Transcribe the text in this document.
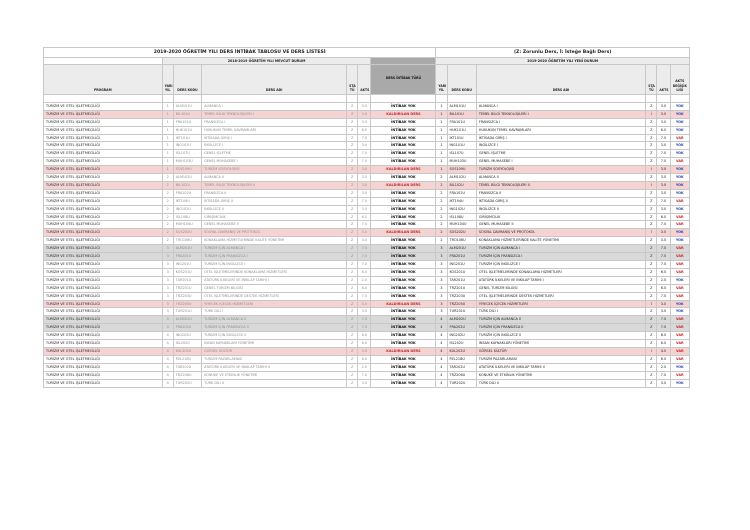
2019-2020 ÖĞRETİM YILI DERS İNTİBAK TABLOSU VE DERS LİSTESİ							(Z: Zorunlu Ders, İ: İsteğe Bağlı Ders)					
	2018-2019 ÖĞRETİM YILI MEVCUT DURUM						2019-2020 ÖĞRETİM YILI YENİ DURUM					
PROGRAM	YARI YIL	DERS KODU	DERS ADI	STA TÜ	AKTS	DERS İNTİBAK TÜRÜ	YARI YIL	DERS KODU	DERS ADI	STA TÜ	AKTS	AKTS DEĞİŞİK LİĞİ

TURİZM VE OTEL İŞLETMECİLİĞİ	1	ALM101U	ALMANCA I	Z	3.0	İNTİBAK YOK	1	ALM101U	ALMANCA I	Z	3.0	YOK
TURİZM VE OTEL İŞLETMECİLİĞİ	1	BIL101U	TEMEL BİLGİ TEKNOLOJİLERİ I	Z	3.0	KALDIRILAN DERS	1	BIL101U	TEMEL BİLGİ TEKNOLOJİLERİ I	İ	3.0	YOK
TURİZM VE OTEL İŞLETMECİLİĞİ	1	FRA101U	FRANSIZCA I	Z	3.0	İNTİBAK YOK	1	FRA101U	FRANSIZCA I	Z	3.0	YOK
TURİZM VE OTEL İŞLETMECİLİĞİ	1	HUK101U	HUKUKUN TEMEL KAVRAMLARI	Z	6.0	İNTİBAK YOK	1	HUK101U	HUKUKUN TEMEL KAVRAMLARI	Z	6.0	YOK
TURİZM VE OTEL İŞLETMECİLİĞİ	1	IKT101U	İKTİSADA GİRİŞ I	Z	7.0	İNTİBAK YOK	1	IKT101U	İKTİSADA GİRİŞ I	Z	7.0	VAR
TURİZM VE OTEL İŞLETMECİLİĞİ	1	ING101U	İNGİLİZCE I	Z	3.0	İNTİBAK YOK	1	ING101U	İNGİLİZCE I	Z	3.0	YOK
TURİZM VE OTEL İŞLETMECİLİĞİ	1	ISL107U	GENEL İŞLETME	Z	7.0	İNTİBAK YOK	1	ISL107U	GENEL İŞLETME	Z	7.0	YOK
TURİZM VE OTEL İŞLETMECİLİĞİ	1	MUH103U	GENEL MUHASEBE I	Z	7.0	İNTİBAK YOK	1	MUH103U	GENEL MUHASEBE I	Z	7.0	VAR
TURİZM VE OTEL İŞLETMECİLİĞİ	1	SOS109U	TURİZM SOSYOLOJİSİ	Z	3.0	KALDIRILAN DERS	1	SOS109U	TURİZM SOSYOLOJİSİ	İ	3.0	YOK
TURİZM VE OTEL İŞLETMECİLİĞİ	2	ALM102U	ALMANCA II	Z	3.0	İNTİBAK YOK	2	ALM102U	ALMANCA II	Z	3.0	YOK
TURİZM VE OTEL İŞLETMECİLİĞİ	2	BIL102U	TEMEL BİLGİ TEKNOLOJİLERİ II	Z	3.0	KALDIRILAN DERS	2	BIL102U	TEMEL BİLGİ TEKNOLOJİLERİ II	İ	3.0	YOK
TURİZM VE OTEL İŞLETMECİLİĞİ	2	FRA102U	FRANSIZCA II	Z	3.0	İNTİBAK YOK	2	FRA102U	FRANSIZCA II	Z	3.0	YOK
TURİZM VE OTEL İŞLETMECİLİĞİ	2	IKT104U	İKTİSADA GİRİŞ II	Z	7.0	İNTİBAK YOK	2	IKT104U	İKTİSADA GİRİŞ II	Z	7.0	VAR
TURİZM VE OTEL İŞLETMECİLİĞİ	2	ING102U	İNGİLİZCE II	Z	3.0	İNTİBAK YOK	2	ING102U	İNGİLİZCE II	Z	3.0	YOK
TURİZM VE OTEL İŞLETMECİLİĞİ	2	ISL108U	GİRİŞİMCİLİK	Z	6.0	İNTİBAK YOK	2	ISL108U	GİRİŞİMCİLİK	Z	6.0	VAR
TURİZM VE OTEL İŞLETMECİLİĞİ	2	MUH104U	GENEL MUHASEBE II	Z	7.0	İNTİBAK YOK	2	MUH104U	GENEL MUHASEBE II	Z	7.0	VAR
TURİZM VE OTEL İŞLETMECİLİĞİ	2	SOS202U	SOSYAL DAVRANIŞ VE PROTOKOL	Z	3.0	KALDIRILAN DERS	2	SOS202U	SOSYAL DAVRANIŞ VE PROTOKOL	İ	3.0	YOK
TURİZM VE OTEL İŞLETMECİLİĞİ	2	TRO106U	KONAKLAMA HİZMETLERİNDE KALİTE YÖNETİMİ	Z	3.0	İNTİBAK YOK	2	TRO106U	KONAKLAMA HİZMETLERİNDE KALİTE YÖNETİMİ	Z	3.0	YOK
TURİZM VE OTEL İŞLETMECİLİĞİ	3	ALM201U	TURİZM İÇİN ALMANCA I	Z	7.0	İNTİBAK YOK	3	ALM201U	TURİZM İÇİN ALMANCA I	Z	7.0	VAR
TURİZM VE OTEL İŞLETMECİLİĞİ	3	FRA201U	TURİZM İÇİN FRANSIZCA I	Z	7.0	İNTİBAK YOK	3	FRA201U	TURİZM İÇİN FRANSIZCA I	Z	7.0	VAR
TURİZM VE OTEL İŞLETMECİLİĞİ	3	ING201U	TURİZM İÇİN İNGİLİZCE I	Z	7.0	İNTİBAK YOK	3	ING201U	TURİZM İÇİN İNGİLİZCE I	Z	7.0	VAR
TURİZM VE OTEL İŞLETMECİLİĞİ	3	KOS201U	OTEL İŞLETMELERİNDE KONAKLAMA HİZMETLERİ	Z	6.0	İNTİBAK YOK	3	KOS201U	OTEL İŞLETMELERİNDE KONAKLAMA HİZMETLERİ	Z	6.0	VAR
TURİZM VE OTEL İŞLETMECİLİĞİ	3	TAR201U	ATATÜRK İLKELERİ VE İNKILAP TARİHİ I	Z	2.0	İNTİBAK YOK	3	TAR201U	ATATÜRK İLKELERİ VE İNKILAP TARİHİ I	Z	2.0	YOK
TURİZM VE OTEL İŞLETMECİLİĞİ	3	TRZ201U	GENEL TURİZM BİLGİSİ	Z	6.0	İNTİBAK YOK	3	TRZ201U	GENEL TURİZM BİLGİSİ	Z	6.0	VAR
TURİZM VE OTEL İŞLETMECİLİĞİ	3	TRZ203U	OTEL İŞLETMELERİNDE DESTEK HİZMETLERİ	Z	7.0	İNTİBAK YOK	3	TRZ203U	OTEL İŞLETMELERİNDE DESTEK HİZMETLERİ	Z	7.0	VAR
TURİZM VE OTEL İŞLETMECİLİĞİ	3	TRZ205U	YİYECEK İÇECEK HİZMETLERİ	Z	3.0	KALDIRILAN DERS	3	TRZ205U	YİYECEK İÇECEK HİZMETLERİ	İ	3.0	YOK
TURİZM VE OTEL İŞLETMECİLİĞİ	3	TUR201U	TÜRK DİLİ I	Z	3.0	İNTİBAK YOK	3	TUR201U	TÜRK DİLİ I	Z	3.0	YOK
TURİZM VE OTEL İŞLETMECİLİĞİ	4	ALM202U	TURİZM İÇİN ALMANCA II	Z	7.0	İNTİBAK YOK	4	ALM202U	TURİZM İÇİN ALMANCA II	Z	7.0	VAR
TURİZM VE OTEL İŞLETMECİLİĞİ	4	FRA202U	TURİZM İÇİN FRANSIZCA II	Z	7.0	İNTİBAK YOK	4	FRA202U	TURİZM İÇİN FRANSIZCA II	Z	7.0	VAR
TURİZM VE OTEL İŞLETMECİLİĞİ	4	ING202U	TURİZM İÇİN İNGİLİZCE II	Z	6.0	İNTİBAK YOK	4	ING202U	TURİZM İÇİN İNGİLİZCE II	Z	6.0	VAR
TURİZM VE OTEL İŞLETMECİLİĞİ	4	ISL202U	İNSAN KAYNAKLARI YÖNETİMİ	Z	6.0	İNTİBAK YOK	4	ISL202U	İNSAN KAYNAKLARI YÖNETİMİ	Z	6.0	VAR
TURİZM VE OTEL İŞLETMECİLİĞİ	4	KUL202U	GÖRSEL KÜLTÜR	Z	3.0	KALDIRILAN DERS	4	KUL202U	GÖRSEL KÜLTÜR	İ	4.0	VAR
TURİZM VE OTEL İŞLETMECİLİĞİ	4	PZL218U	TURİZM PAZARLAMASI	Z	6.0	İNTİBAK YOK	4	PZL218U	TURİZM PAZARLAMASI	Z	6.0	VAR
TURİZM VE OTEL İŞLETMECİLİĞİ	4	TAR202U	ATATÜRK İLKELERİ VE İNKILAP TARİHİ II	Z	2.0	İNTİBAK YOK	4	TAR202U	ATATÜRK İLKELERİ VE İNKILAP TARİHİ II	Z	2.0	YOK
TURİZM VE OTEL İŞLETMECİLİĞİ	4	TRZ206U	KONUKE VE ETKİNLİK YÖNETİMİ	Z	7.0	İNTİBAK YOK	4	TRZ206U	KONUKE VE ETKİNLİK YÖNETİMİ	Z	7.0	VAR
TURİZM VE OTEL İŞLETMECİLİĞİ	4	TUR202U	TÜRK DİLİ II	Z	3.0	İNTİBAK YOK	4	TUR202U	TÜRK DİLİ II	Z	3.0	YOK
